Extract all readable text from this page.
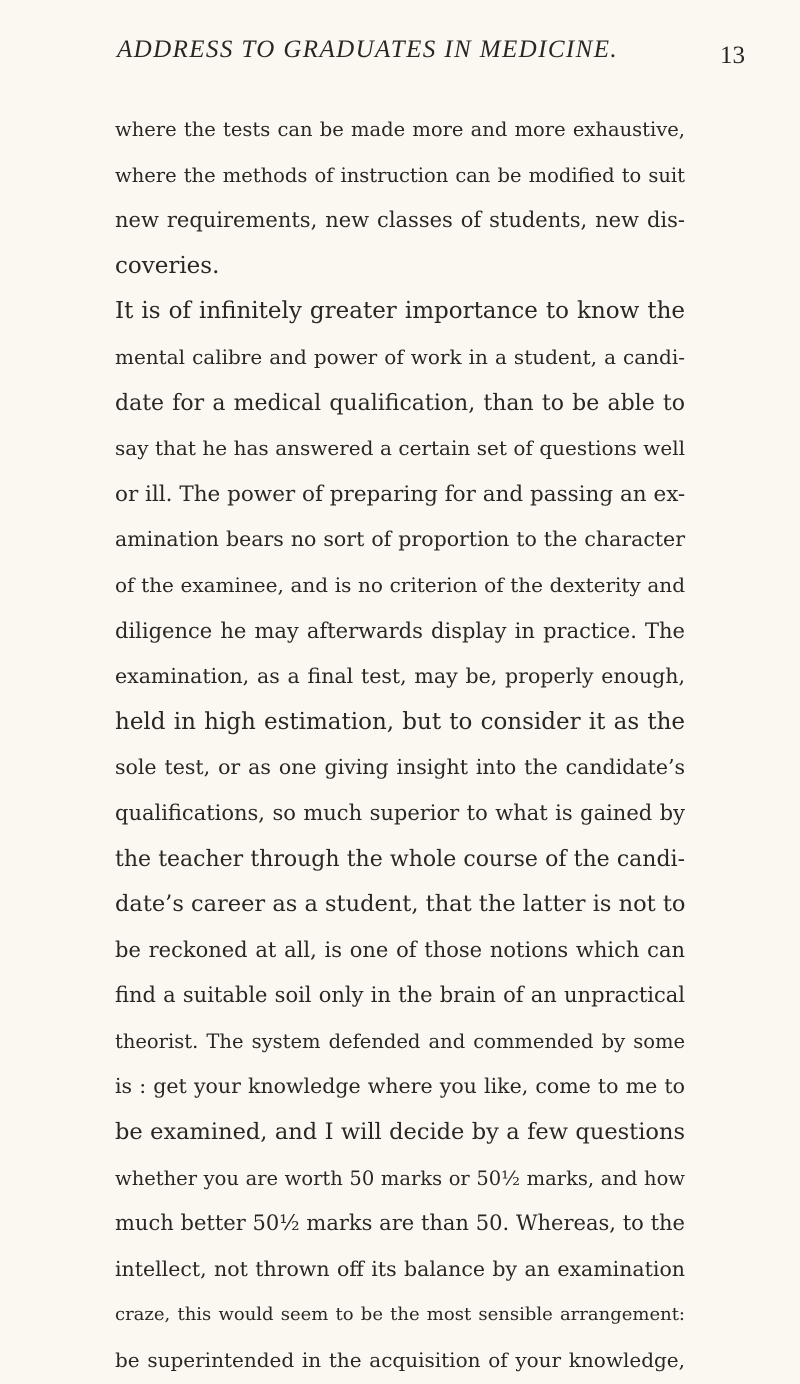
ADDRESS TO GRADUATES IN MEDICINE.	13
where the tests can be made more and more exhaustive,
where the methods of instruction can be modified to suit
new requirements, new classes of students, new dis-
coveries.
It is of infinitely greater importance to know the
mental calibre and power of work in a student, a candi-
date for a medical qualification, than to be able to
say that he has answered a certain set of questions well
or ill. The power of preparing for and passing an ex-
amination bears no sort of proportion to the character
of the examinee, and is no criterion of the dexterity and
diligence he may afterwards display in practice. The
examination, as a final test, may be, properly enough,
held in high estimation, but to consider it as the
sole test, or as one giving insight into the candidate’s
qualifications, so much superior to what is gained by
the teacher through the whole course of the candi-
date’s career as a student, that the latter is not to
be reckoned at all, is one of those notions which can
find a suitable soil only in the brain of an unpractical
theorist. The system defended and commended by some
is : get your knowledge where you like, come to me to
be examined, and I will decide by a few questions
whether you are worth 50 marks or 50½ marks, and how
much better 50½ marks are than 50. Whereas, to the
intellect, not thrown off its balance by an examination
craze, this would seem to be the most sensible arrangement:
be superintended in the acquisition of your knowledge,
